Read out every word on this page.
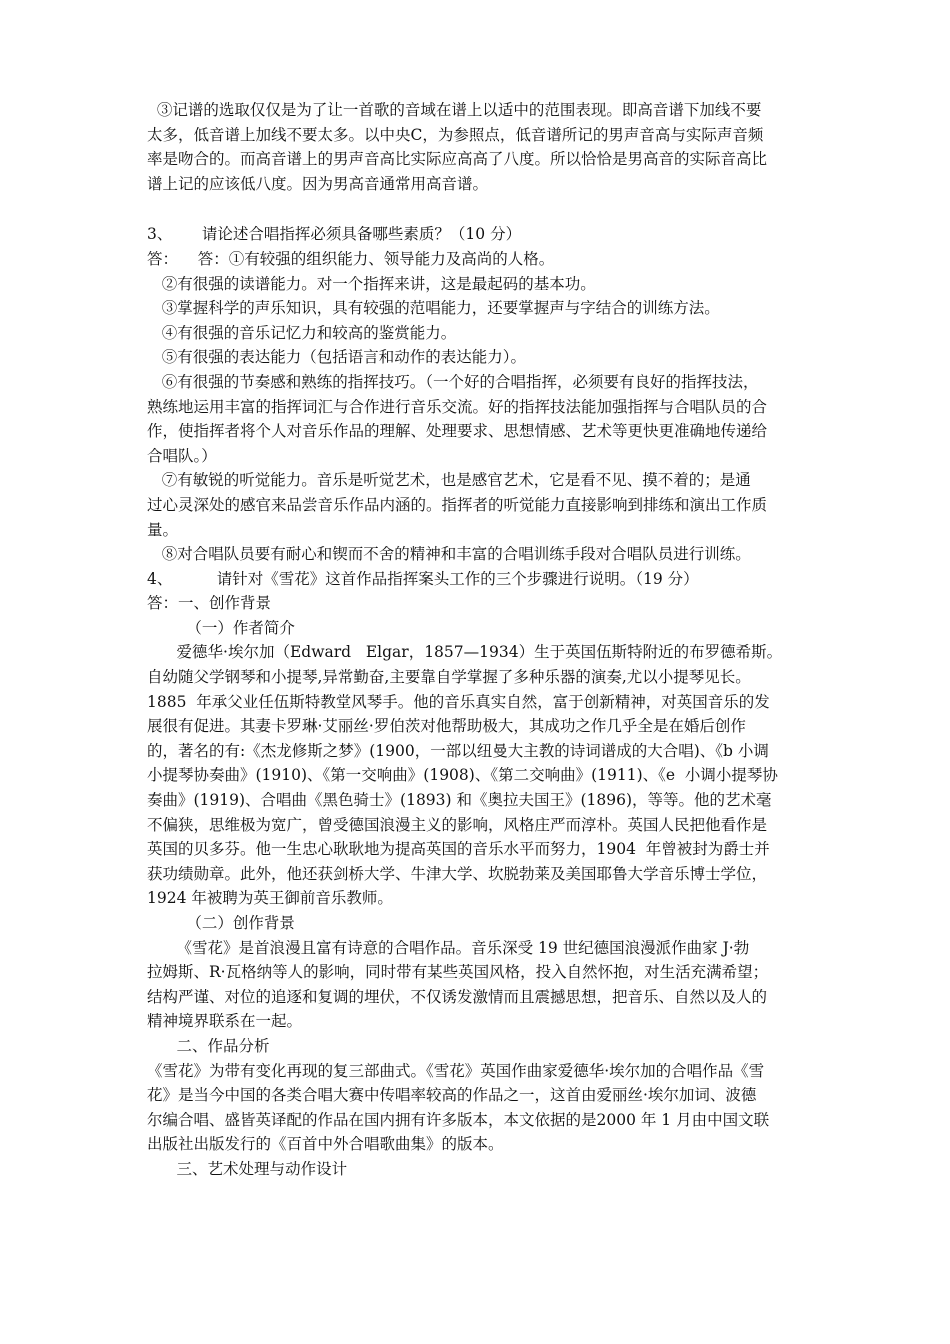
③记谱的选取仅仅是为了让一首歌的音域在谱上以适中的范围表现。即高音谱下加线不要

太多，低音谱上加线不要太多。以中央C，为参照点，低音谱所记的男声音高与实际声音频

率是吻合的。而高音谱上的男声音高比实际应高高了八度。所以恰恰是男高音的实际音高比

谱上记的应该低八度。因为男高音通常用高音谱。

3、      请论述合唱指挥必须具备哪些素质？（10 分）

答：    答：①有较强的组织能力、领导能力及高尚的人格。

②有很强的读谱能力。对一个指挥来讲，这是最起码的基本功。

③掌握科学的声乐知识，具有较强的范唱能力，还要掌握声与字结合的训练方法。

④有很强的音乐记忆力和较高的鉴赏能力。

⑤有很强的表达能力（包括语言和动作的表达能力）。

⑥有很强的节奏感和熟练的指挥技巧。（一个好的合唱指挥，必须要有良好的指挥技法，

熟练地运用丰富的指挥词汇与合作进行音乐交流。好的指挥技法能加强指挥与合唱队员的合

作，使指挥者将个人对音乐作品的理解、处理要求、思想情感、艺术等更快更准确地传递给

合唱队。）

⑦有敏锐的听觉能力。音乐是听觉艺术，也是感官艺术，它是看不见、摸不着的；是通

过心灵深处的感官来品尝音乐作品内涵的。指挥者的听觉能力直接影响到排练和演出工作质

量。

⑧对合唱队员要有耐心和锲而不舍的精神和丰富的合唱训练手段对合唱队员进行训练。

4、         请针对《雪花》这首作品指挥案头工作的三个步骤进行说明。（19 分）

答：一、创作背景

（一）作者简介

爱德华·埃尔加（Edward   Elgar，1857—1934）生于英国伍斯特附近的布罗德希斯。

自幼随父学钢琴和小提琴,异常勤奋,主要靠自学掌握了多种乐器的演奏,尤以小提琴见长。

1885  年承父业任伍斯特教堂风琴手。他的音乐真实自然，富于创新精神，对英国音乐的发

展很有促进。其妻卡罗琳·艾丽丝·罗伯茨对他帮助极大，其成功之作几乎全是在婚后创作

的，著名的有:《杰龙修斯之梦》(1900，一部以纽曼大主教的诗词谱成的大合唱)、《b 小调

小提琴协奏曲》(1910)、《第一交响曲》(1908)、《第二交响曲》(1911)、《e  小调小提琴协

奏曲》(1919)、合唱曲《黑色骑士》(1893) 和《奥拉夫国王》(1896)，等等。他的艺术毫

不偏狭，思维极为宽广，曾受德国浪漫主义的影响，风格庄严而淳朴。英国人民把他看作是

英国的贝多芬。他一生忠心耿耿地为提高英国的音乐水平而努力，1904  年曾被封为爵士并

获功绩勋章。此外，他还获剑桥大学、牛津大学、坎脱勃莱及美国耶鲁大学音乐博士学位，

1924 年被聘为英王御前音乐教师。

（二）创作背景

《雪花》是首浪漫且富有诗意的合唱作品。音乐深受 19 世纪德国浪漫派作曲家 J·勃

拉姆斯、R·瓦格纳等人的影响，同时带有某些英国风格，投入自然怀抱，对生活充满希望；

结构严谨、对位的追逐和复调的埋伏，不仅诱发激情而且震撼思想，把音乐、自然以及人的

精神境界联系在一起。

二、作品分析

《雪花》为带有变化再现的复三部曲式。《雪花》英国作曲家爱德华·埃尔加的合唱作品《雪

花》是当今中国的各类合唱大赛中传唱率较高的作品之一，这首由爱丽丝·埃尔加词、波德

尔编合唱、盛皆英译配的作品在国内拥有许多版本，本文依据的是2000 年 1 月由中国文联

出版社出版发行的《百首中外合唱歌曲集》的版本。

三、艺术处理与动作设计
